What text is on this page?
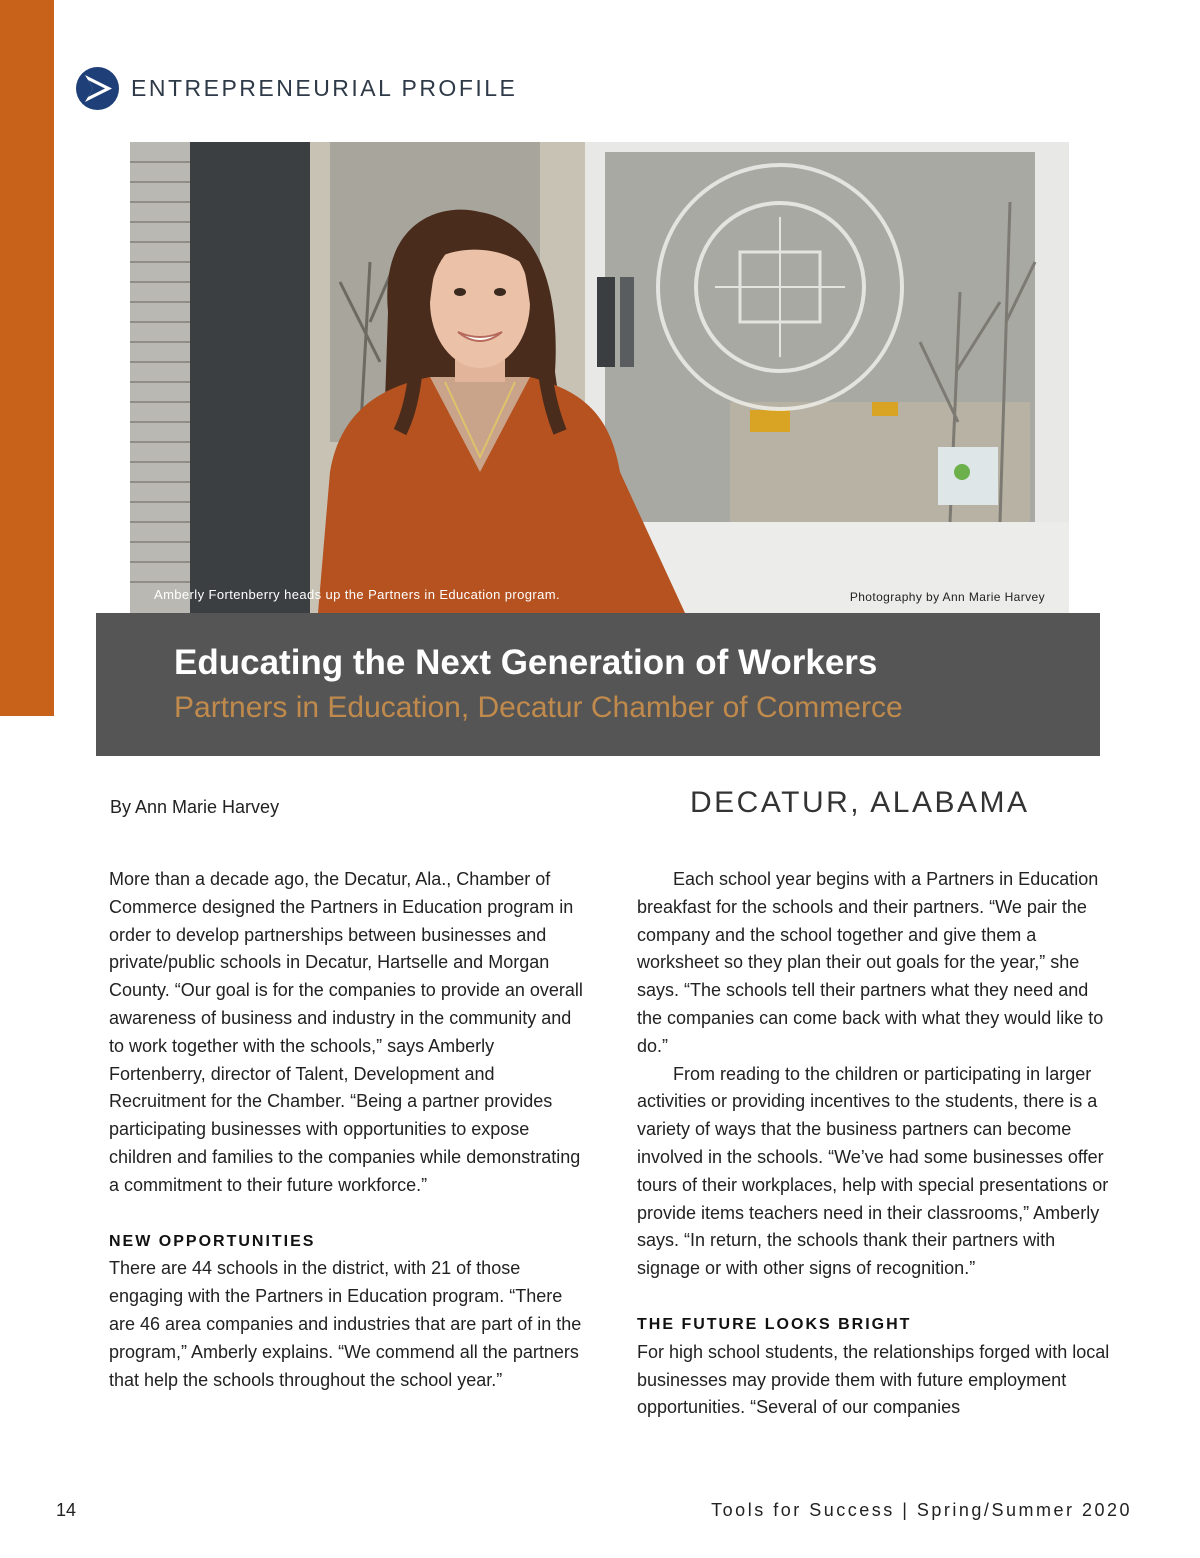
ENTREPRENEURIAL PROFILE
Amberly Fortenberry heads up the Partners in Education program.	Photography by Ann Marie Harvey
Educating the Next Generation of Workers
Partners in Education, Decatur Chamber of Commerce
By Ann Marie Harvey	DECATUR, ALABAMA

More than a decade ago, the Decatur, Ala., Chamber of Commerce designed the Partners in Education program in order to develop partnerships between businesses and private/public schools in Decatur, Hartselle and Morgan County. “Our goal is for the companies to provide an overall awareness of business and industry in the community and to work together with the schools,” says Amberly Fortenberry, director of Talent, Development and Recruitment for the Chamber. “Being a partner provides participating businesses with opportunities to expose children and families to the companies while demonstrating a commitment to their future workforce.”

NEW OPPORTUNITIES

There are 44 schools in the district, with 21 of those engaging with the Partners in Education program. “There are 46 area companies and industries that are part of in the program,” Amberly explains. “We commend all the partners that help the schools throughout the school year.”

Each school year begins with a Partners in Education breakfast for the schools and their partners. “We pair the company and the school together and give them a worksheet so they plan their out goals for the year,” she says. “The schools tell their partners what they need and the companies can come back with what they would like to do.”

From reading to the children or participating in larger activities or providing incentives to the students, there is a variety of ways that the business partners can become involved in the schools. “We’ve had some businesses offer tours of their workplaces, help with special presentations or provide items teachers need in their classrooms,” Amberly says. “In return, the schools thank their partners with signage or with other signs of recognition.”

THE FUTURE LOOKS BRIGHT

For high school students, the relationships forged with local businesses may provide them with future employment opportunities. “Several of our companies

14	Tools for Success | Spring/Summer 2020
